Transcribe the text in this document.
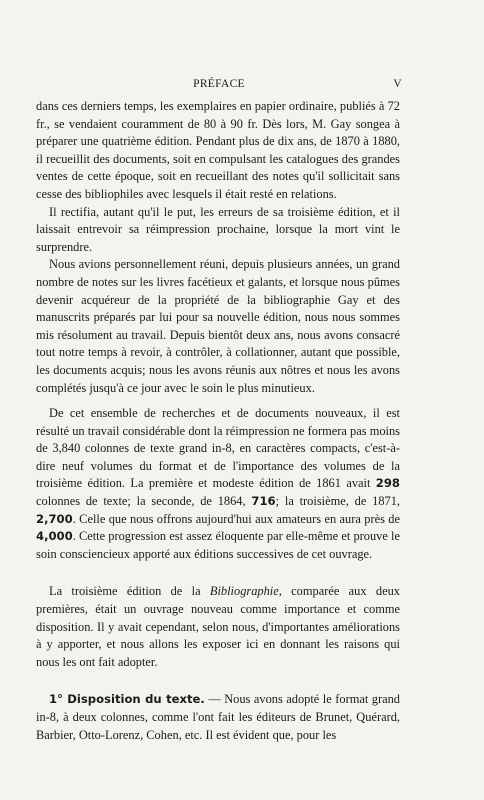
PRÉFACE	V

dans ces derniers temps, les exemplaires en papier ordinaire, publiés à 72 fr., se vendaient couramment de 80 à 90 fr. Dès lors, M. Gay songea à préparer une quatrième édition. Pendant plus de dix ans, de 1870 à 1880, il recueillit des documents, soit en compulsant les catalogues des grandes ventes de cette époque, soit en recueillant des notes qu'il sollicitait sans cesse des bibliophiles avec lesquels il était resté en relations.

Il rectifia, autant qu'il le put, les erreurs de sa troisième édition, et il laissait entrevoir sa réimpression prochaine, lorsque la mort vint le surprendre.

Nous avions personnellement réuni, depuis plusieurs années, un grand nombre de notes sur les livres facétieux et galants, et lorsque nous pûmes devenir acquéreur de la propriété de la bibliographie Gay et des manuscrits préparés par lui pour sa nouvelle édition, nous nous sommes mis résolument au travail. Depuis bientôt deux ans, nous avons consacré tout notre temps à revoir, à contrôler, à collationner, autant que possible, les documents acquis; nous les avons réunis aux nôtres et nous les avons complétés jusqu'à ce jour avec le soin le plus minutieux.

De cet ensemble de recherches et de documents nouveaux, il est résulté un travail considérable dont la réimpression ne formera pas moins de 3,840 colonnes de texte grand in-8, en caractères compacts, c'est-à-dire neuf volumes du format et de l'importance des volumes de la troisième édition. La première et modeste édition de 1861 avait 298 colonnes de texte; la seconde, de 1864, 716; la troisième, de 1871, 2,700. Celle que nous offrons aujourd'hui aux amateurs en aura près de 4,000. Cette progression est assez éloquente par elle-même et prouve le soin consciencieux apporté aux éditions successives de cet ouvrage.

La troisième édition de la Bibliographie, comparée aux deux premières, était un ouvrage nouveau comme importance et comme disposition. Il y avait cependant, selon nous, d'importantes améliorations à y apporter, et nous allons les exposer ici en donnant les raisons qui nous les ont fait adopter.

1° Disposition du texte. — Nous avons adopté le format grand in-8, à deux colonnes, comme l'ont fait les éditeurs de Brunet, Quérard, Barbier, Otto-Lorenz, Cohen, etc. Il est évident que, pour les
